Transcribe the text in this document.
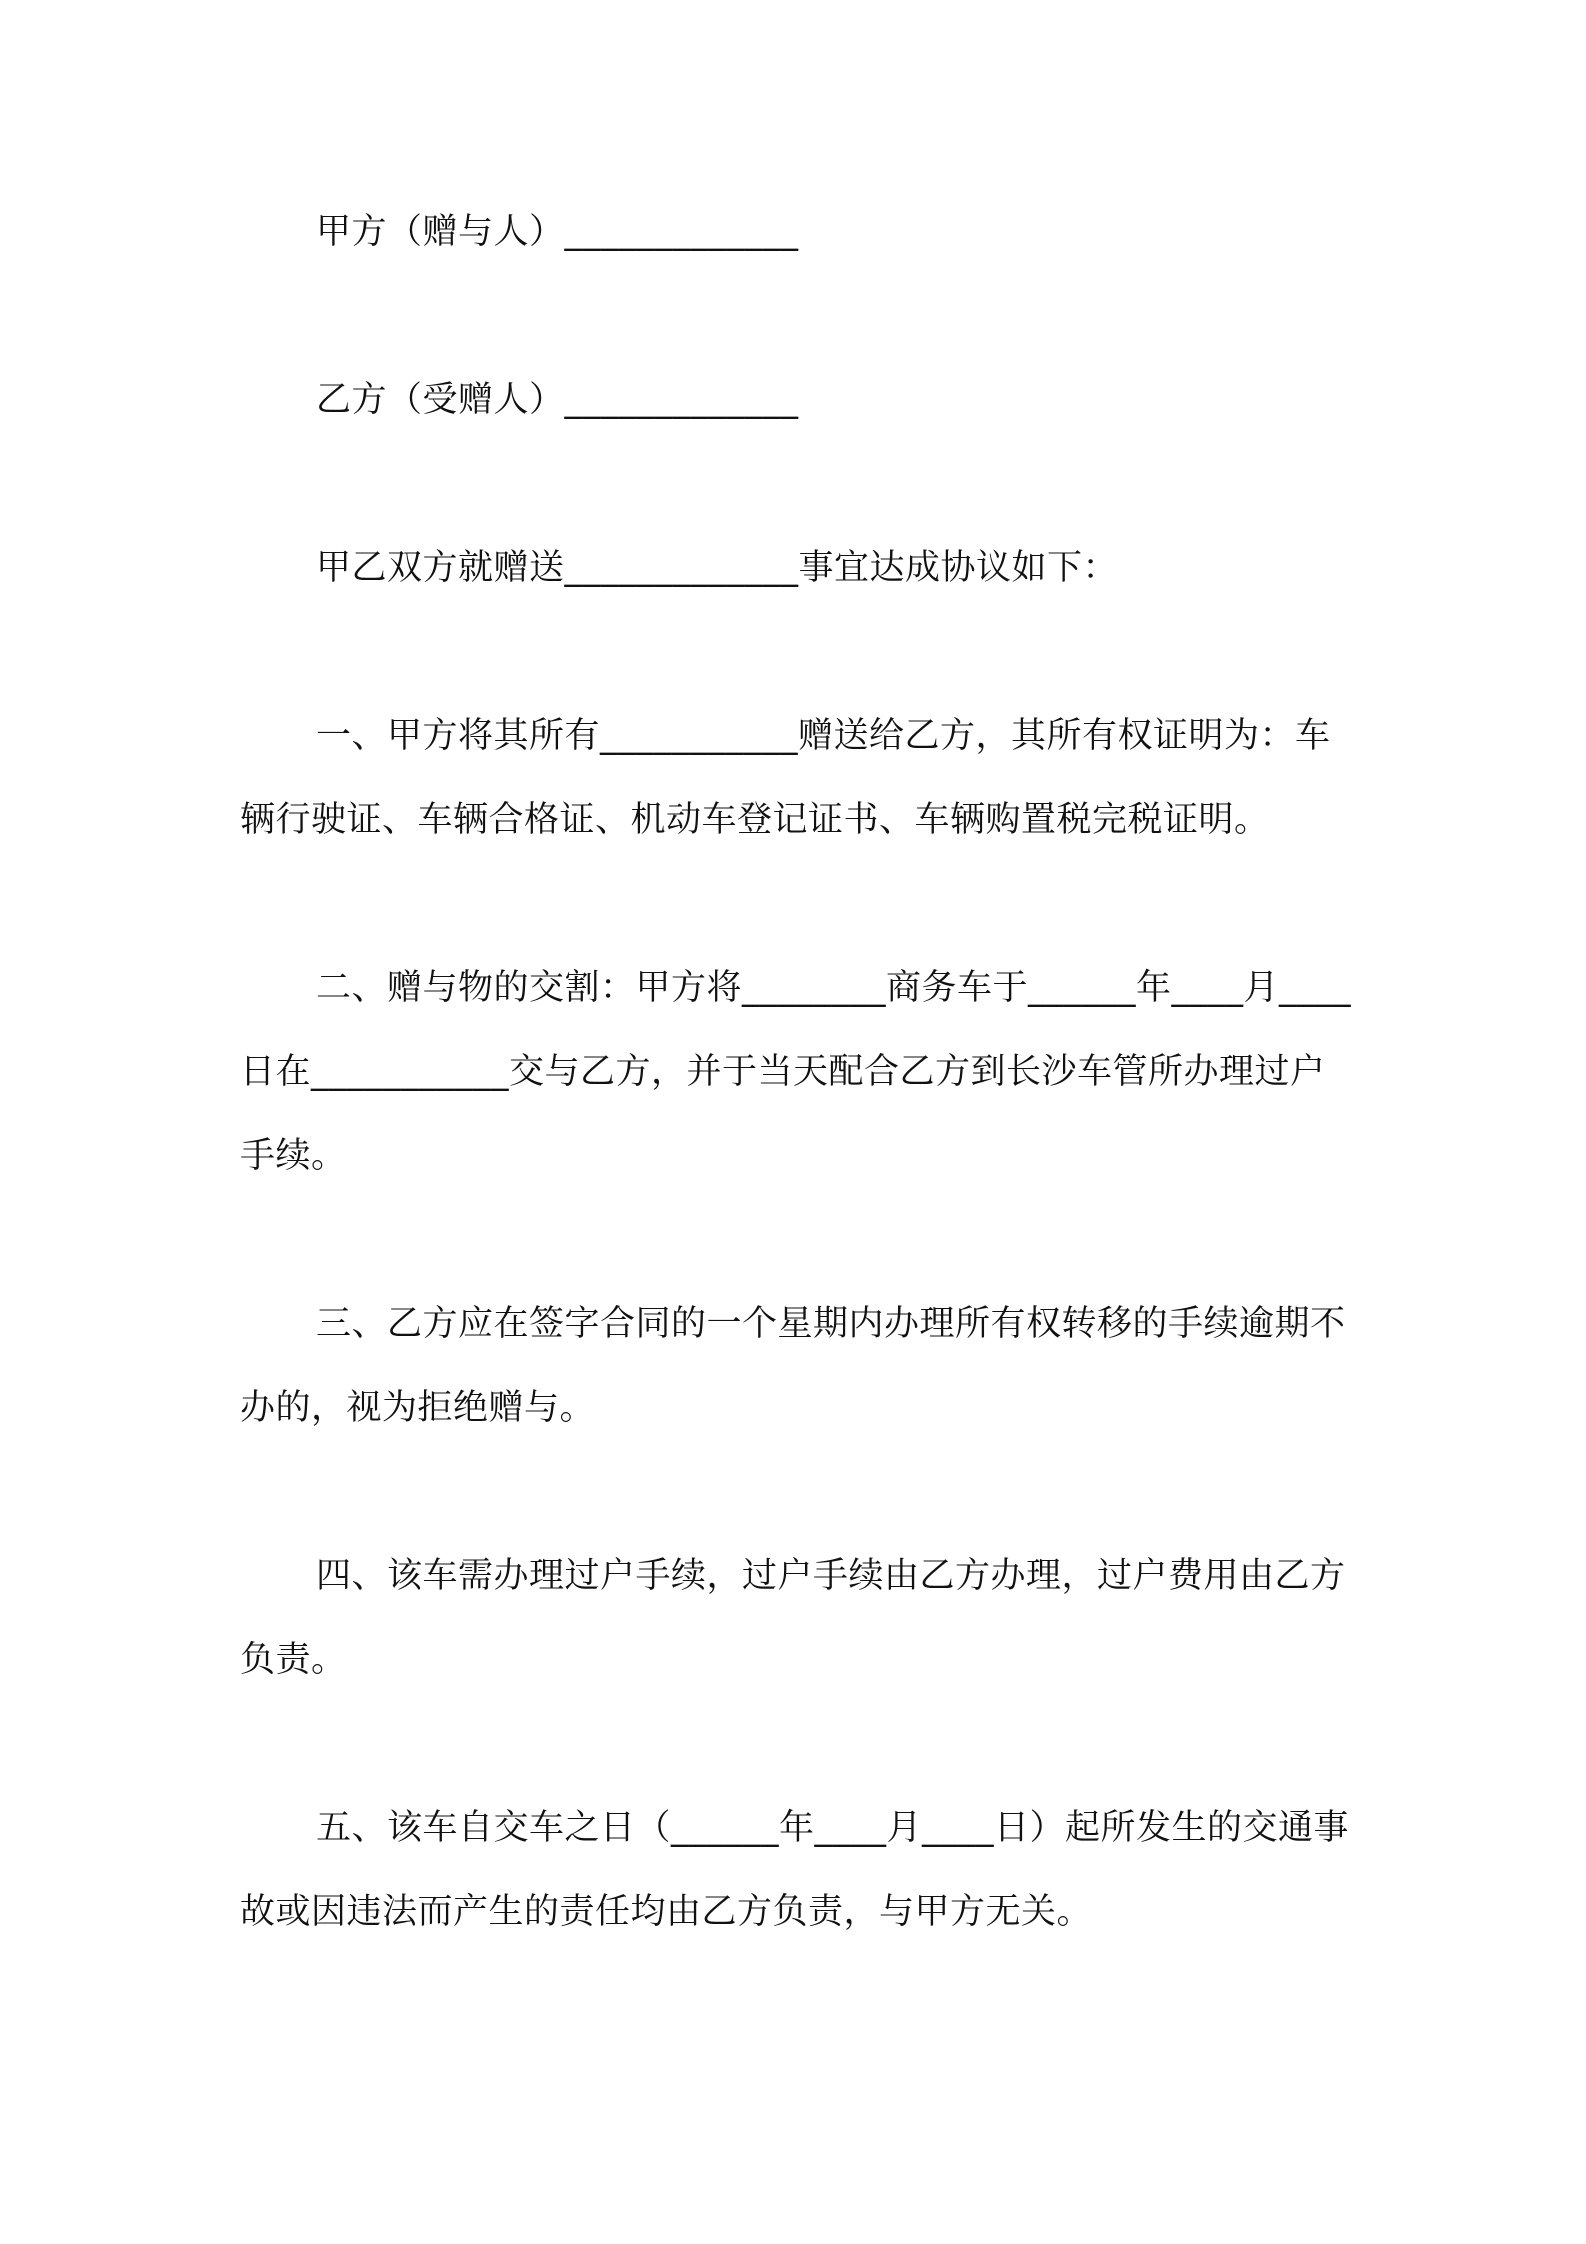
甲方（赠与人）_____________

乙方（受赠人）_____________

甲乙双方就赠送_____________事宜达成协议如下：

一、甲方将其所有___________赠送给乙方，其所有权证明为：车辆行驶证、车辆合格证、机动车登记证书、车辆购置税完税证明。

二、赠与物的交割：甲方将________商务车于______年____月____日在___________交与乙方，并于当天配合乙方到长沙车管所办理过户手续。

三、乙方应在签字合同的一个星期内办理所有权转移的手续逾期不办的，视为拒绝赠与。

四、该车需办理过户手续，过户手续由乙方办理，过户费用由乙方负责。

五、该车自交车之日（______年____月____日）起所发生的交通事故或因违法而产生的责任均由乙方负责，与甲方无关。
